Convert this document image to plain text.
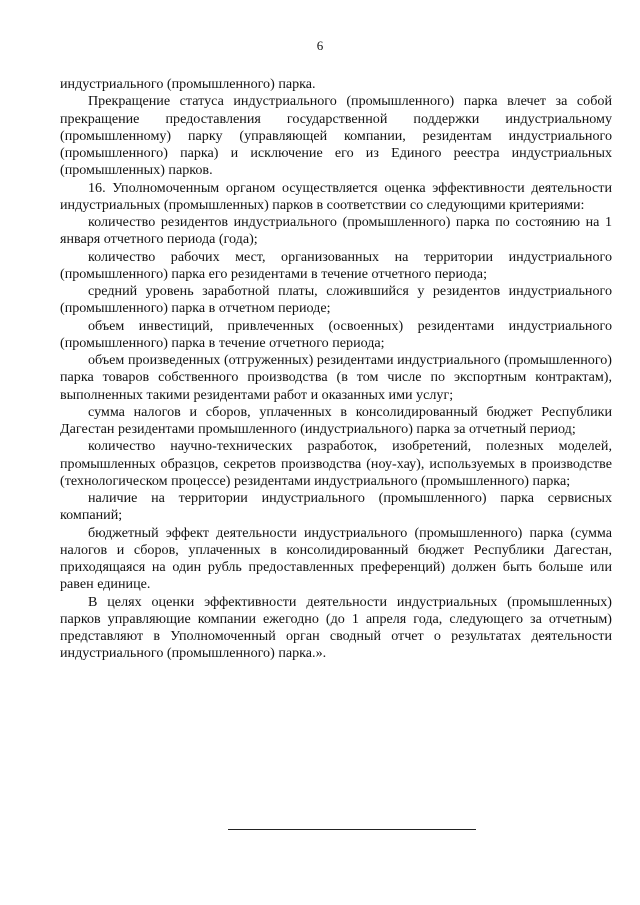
6

индустриального (промышленного) парка.

Прекращение статуса индустриального (промышленного) парка влечет за собой прекращение предоставления государственной поддержки индустриальному (промышленному) парку (управляющей компании, резидентам индустриального (промышленного) парка) и исключение его из Единого реестра индустриальных (промышленных) парков.

16. Уполномоченным органом осуществляется оценка эффективности деятельности индустриальных (промышленных) парков в соответствии со следующими критериями:

количество резидентов индустриального (промышленного) парка по состоянию на 1 января отчетного периода (года);

количество рабочих мест, организованных на территории индустриального (промышленного) парка его резидентами в течение отчетного периода;

средний уровень заработной платы, сложившийся у резидентов индустриального (промышленного) парка в отчетном периоде;

объем инвестиций, привлеченных (освоенных) резидентами индустриального (промышленного) парка в течение отчетного периода;

объем произведенных (отгруженных) резидентами индустриального (промышленного) парка товаров собственного производства (в том числе по экспортным контрактам), выполненных такими резидентами работ и оказанных ими услуг;

сумма налогов и сборов, уплаченных в консолидированный бюджет Республики Дагестан резидентами промышленного (индустриального) парка за отчетный период;

количество научно-технических разработок, изобретений, полезных моделей, промышленных образцов, секретов производства (ноу-хау), используемых в производстве (технологическом процессе) резидентами индустриального (промышленного) парка;

наличие на территории индустриального (промышленного) парка сервисных компаний;

бюджетный эффект деятельности индустриального (промышленного) парка (сумма налогов и сборов, уплаченных в консолидированный бюджет Республики Дагестан, приходящаяся на один рубль предоставленных преференций) должен быть больше или равен единице.

В целях оценки эффективности деятельности индустриальных (промышленных) парков управляющие компании ежегодно (до 1 апреля года, следующего за отчетным) представляют в Уполномоченный орган сводный отчет о результатах деятельности индустриального (промышленного) парка.».
